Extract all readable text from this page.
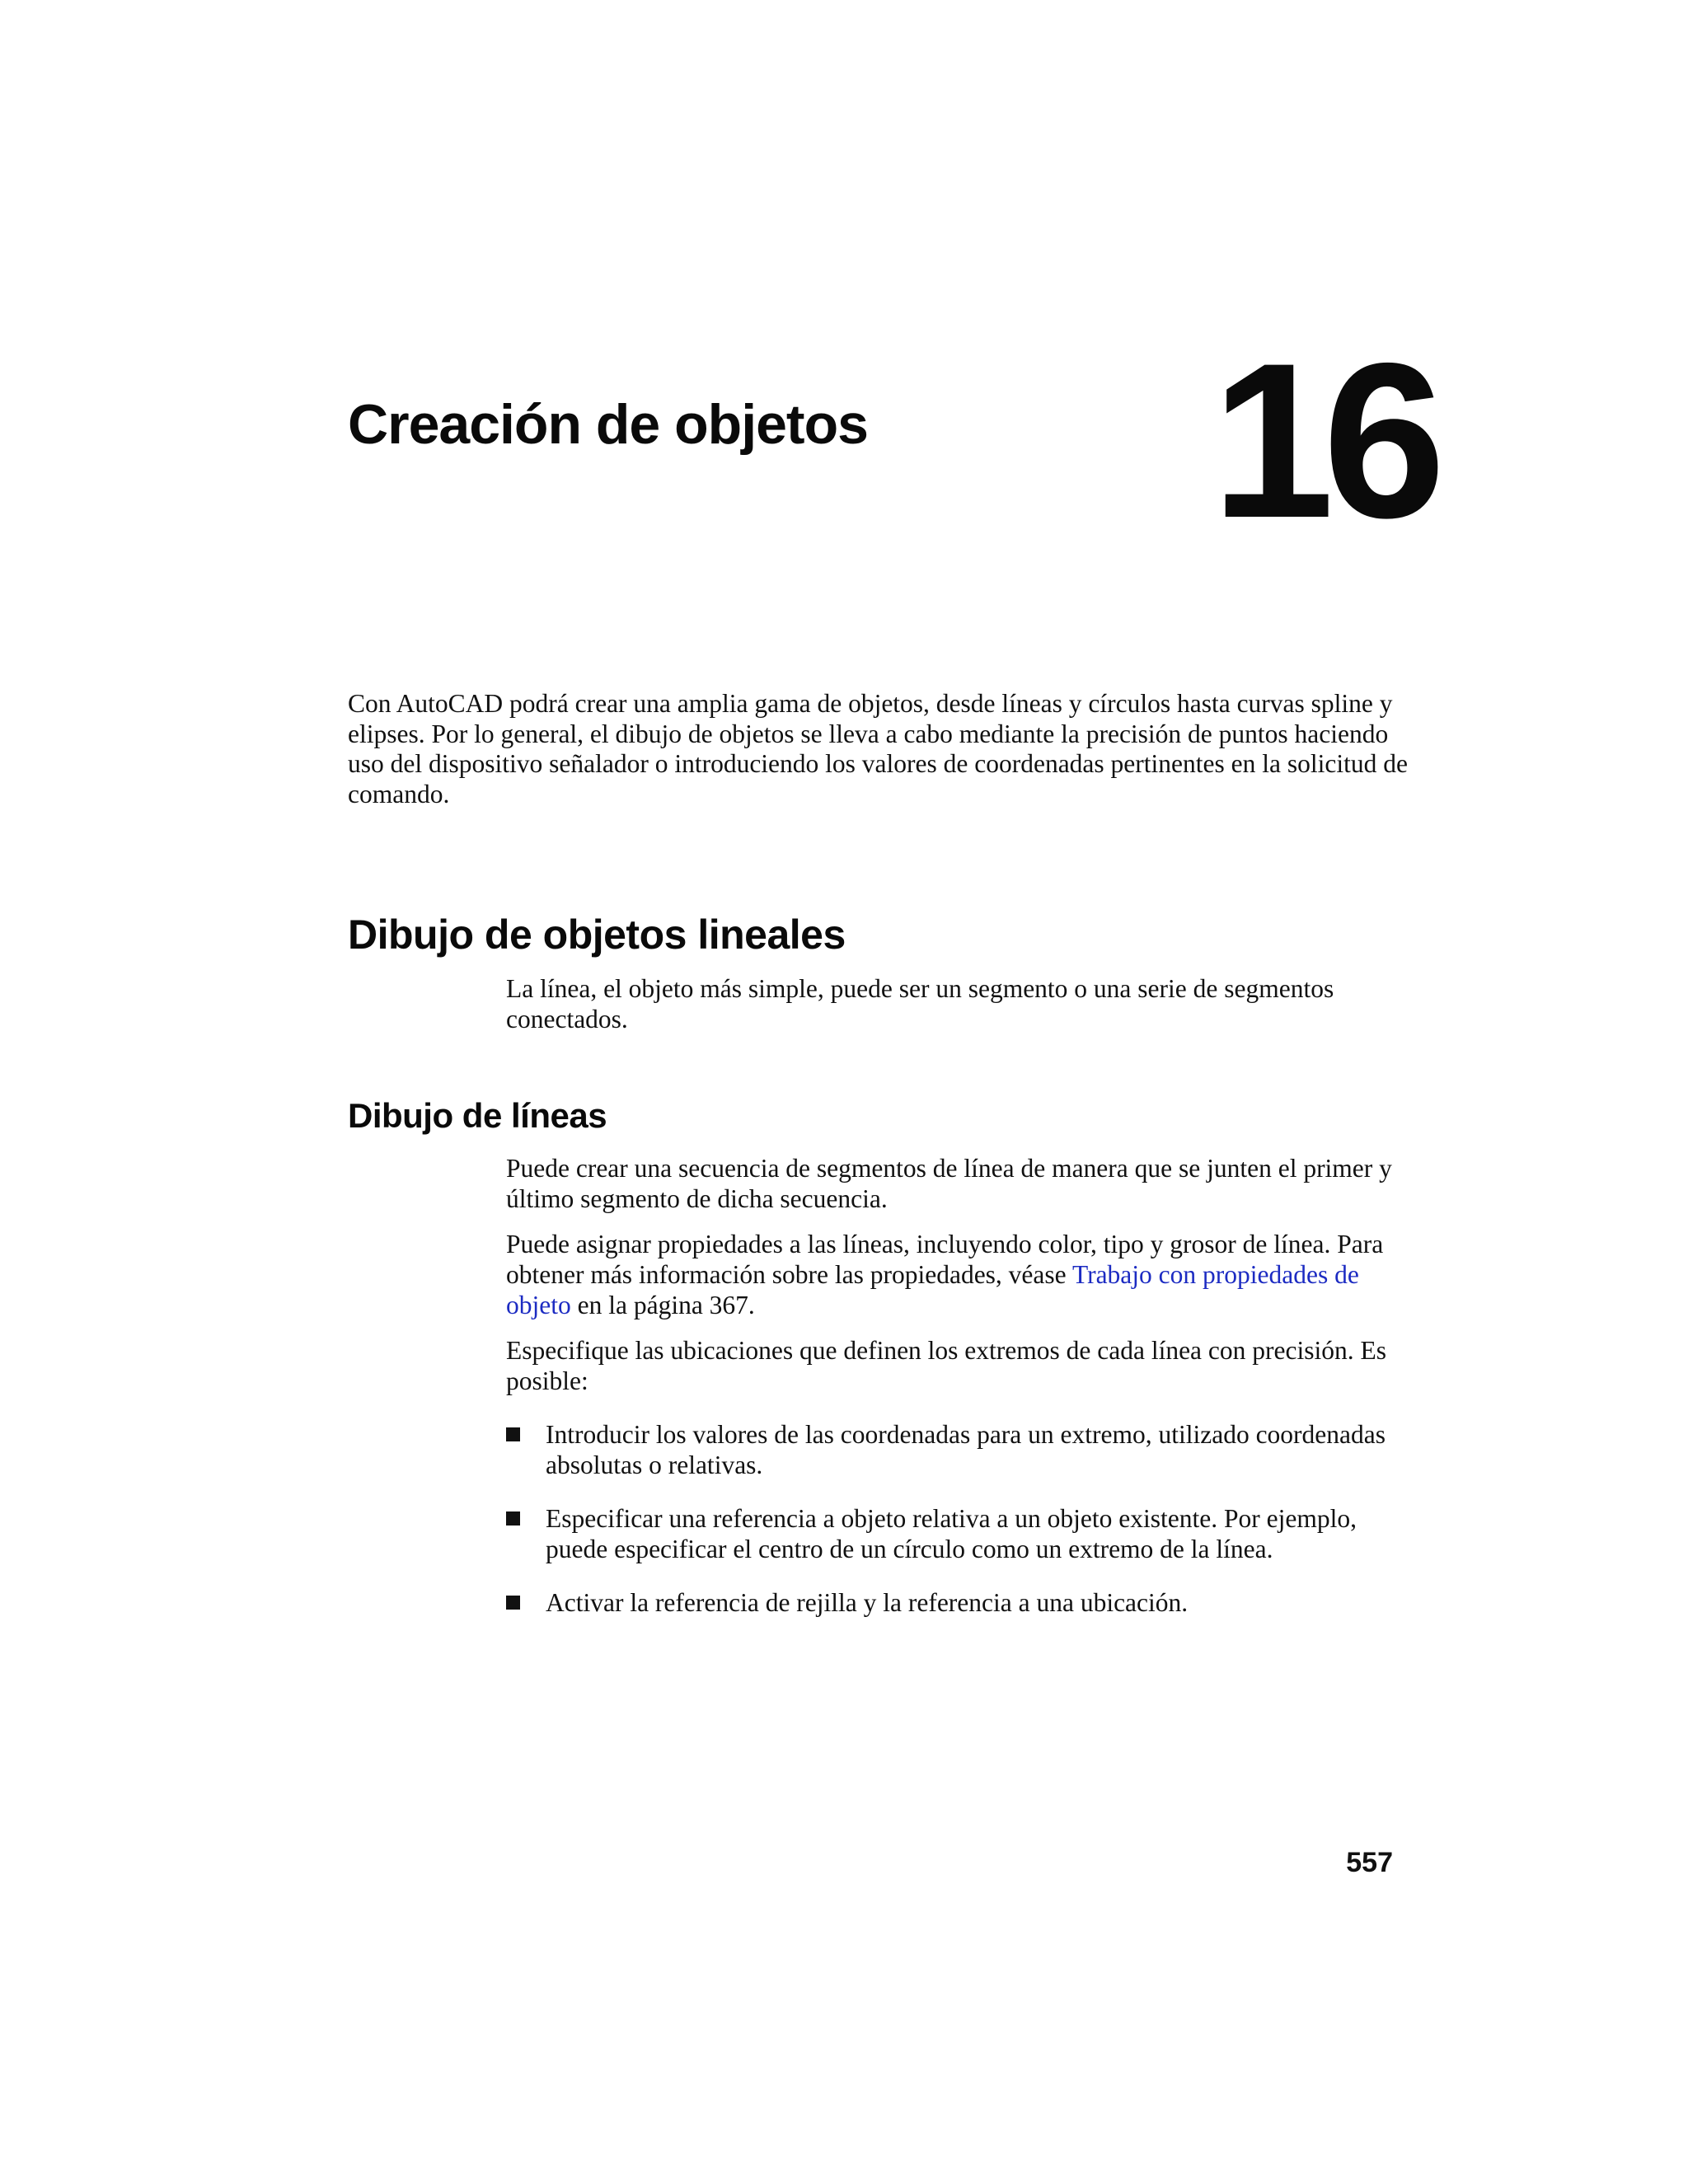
16
Creación de objetos

Con AutoCAD podrá crear una amplia gama de objetos, desde líneas y círculos hasta curvas spline y elipses. Por lo general, el dibujo de objetos se lleva a cabo mediante la precisión de puntos haciendo uso del dispositivo señalador o introduciendo los valores de coordenadas pertinentes en la solicitud de comando.

Dibujo de objetos lineales

La línea, el objeto más simple, puede ser un segmento o una serie de segmentos conectados.

Dibujo de líneas

Puede crear una secuencia de segmentos de línea de manera que se junten el primer y último segmento de dicha secuencia.

Puede asignar propiedades a las líneas, incluyendo color, tipo y grosor de línea. Para obtener más información sobre las propiedades, véase Trabajo con propiedades de objeto en la página 367.

Especifique las ubicaciones que definen los extremos de cada línea con precisión. Es posible:

Introducir los valores de las coordenadas para un extremo, utilizado coordenadas absolutas o relativas.
Especificar una referencia a objeto relativa a un objeto existente. Por ejemplo, puede especificar el centro de un círculo como un extremo de la línea.
Activar la referencia de rejilla y la referencia a una ubicación.
557
